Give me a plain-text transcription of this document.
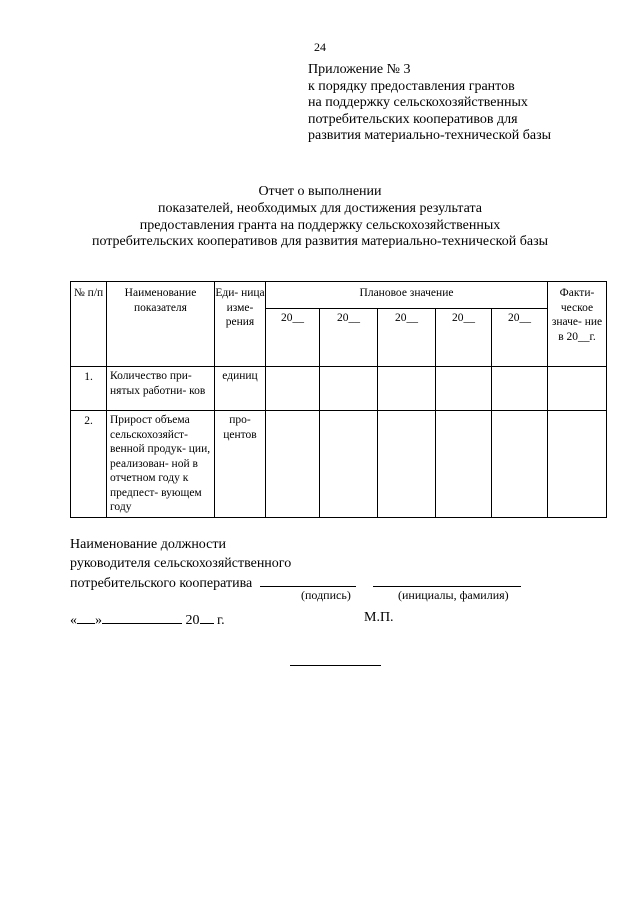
24
Приложение № 3
к порядку предоставления грантов
на поддержку сельскохозяйственных
потребительских кооперативов для
развития материально-технической базы
Отчет о выполнении
показателей, необходимых для достижения результата
предоставления гранта на поддержку сельскохозяйственных
потребительских кооперативов для развития материально-технической базы
№ п/п	Наименование показателя	Еди- ница изме- рения	Плановое значение					Факти- ческое значе- ние в 20__г.

			20__	20__	20__	20__	20__	

1.	Количество при- нятых работни- ков	единиц						

2.	Прирост объема сельскохозяйст- венной продук- ции, реализован- ной в отчетном году к предпест- вующем году	про- центов						

Наименование должности
руководителя сельскохозяйственного
потребительского кооператива
(подпись)	(инициалы, фамилия)
« »	20 г.	М.П.
